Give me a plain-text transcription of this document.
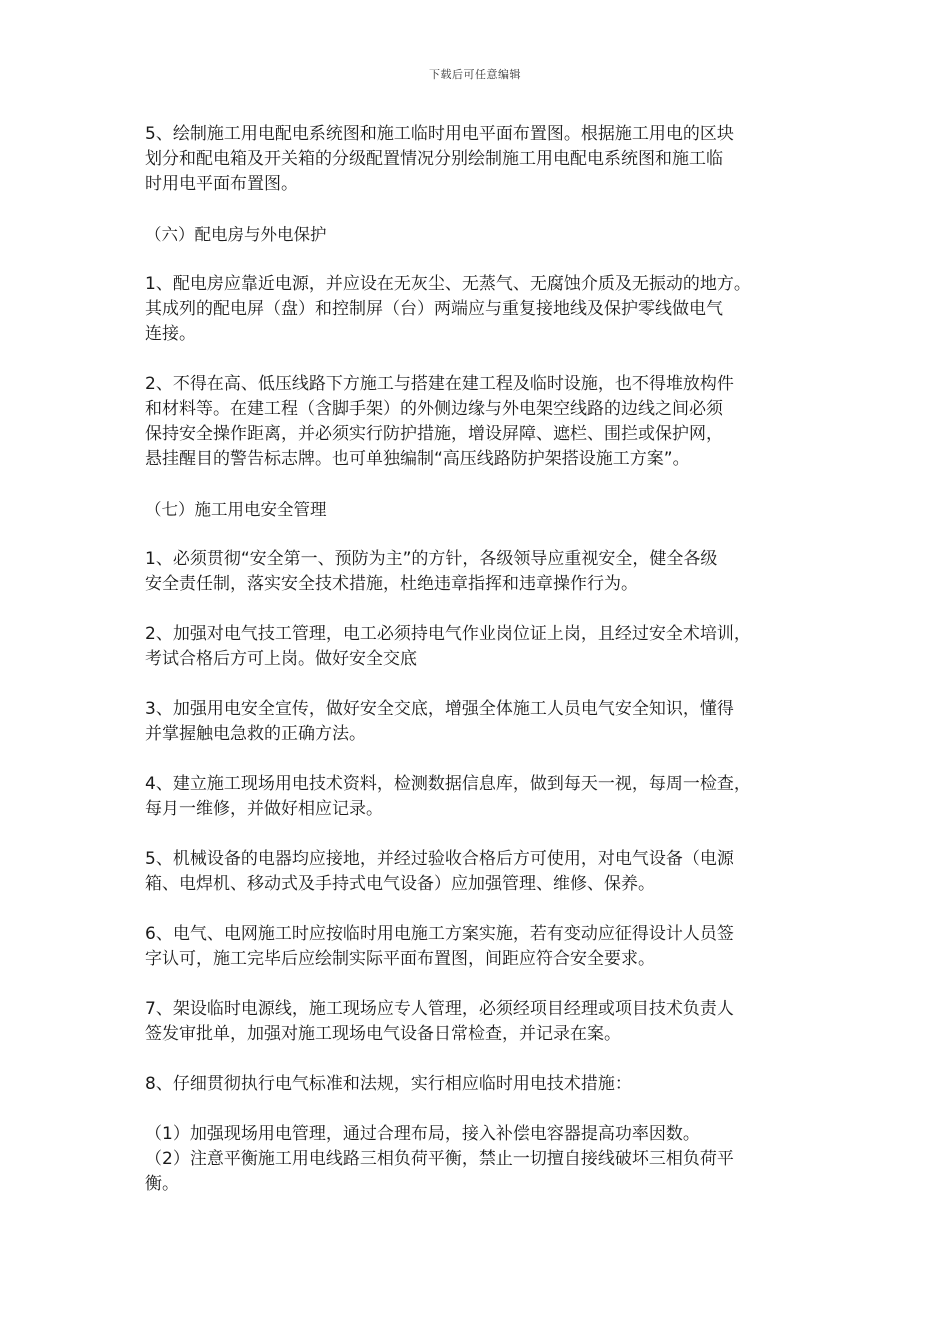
下载后可任意编辑
5、绘制施工用电配电系统图和施工临时用电平面布置图。根据施工用电的区块
划分和配电箱及开关箱的分级配置情况分别绘制施工用电配电系统图和施工临
时用电平面布置图。
（六）配电房与外电保护
1、配电房应靠近电源，并应设在无灰尘、无蒸气、无腐蚀介质及无振动的地方。
其成列的配电屏（盘）和控制屏（台）两端应与重复接地线及保护零线做电气
连接。
2、不得在高、低压线路下方施工与搭建在建工程及临时设施，也不得堆放构件
和材料等。在建工程（含脚手架）的外侧边缘与外电架空线路的边线之间必须
保持安全操作距离，并必须实行防护措施，增设屏障、遮栏、围拦或保护网，
悬挂醒目的警告标志牌。也可单独编制“高压线路防护架搭设施工方案”。
（七）施工用电安全管理
1、必须贯彻“安全第一、预防为主”的方针，各级领导应重视安全，健全各级
安全责任制，落实安全技术措施，杜绝违章指挥和违章操作行为。
2、加强对电气技工管理，电工必须持电气作业岗位证上岗，且经过安全术培训，
考试合格后方可上岗。做好安全交底
3、加强用电安全宣传，做好安全交底，增强全体施工人员电气安全知识，懂得
并掌握触电急救的正确方法。
4、建立施工现场用电技术资料，检测数据信息库，做到每天一视，每周一检查，
每月一维修，并做好相应记录。
5、机械设备的电器均应接地，并经过验收合格后方可使用，对电气设备（电源
箱、电焊机、移动式及手持式电气设备）应加强管理、维修、保养。
6、电气、电网施工时应按临时用电施工方案实施，若有变动应征得设计人员签
字认可，施工完毕后应绘制实际平面布置图，间距应符合安全要求。
7、架设临时电源线，施工现场应专人管理，必须经项目经理或项目技术负责人
签发审批单，加强对施工现场电气设备日常检查，并记录在案。
8、仔细贯彻执行电气标准和法规，实行相应临时用电技术措施：
（1）加强现场用电管理，通过合理布局，接入补偿电容器提高功率因数。
（2）注意平衡施工用电线路三相负荷平衡，禁止一切擅自接线破坏三相负荷平
衡。
